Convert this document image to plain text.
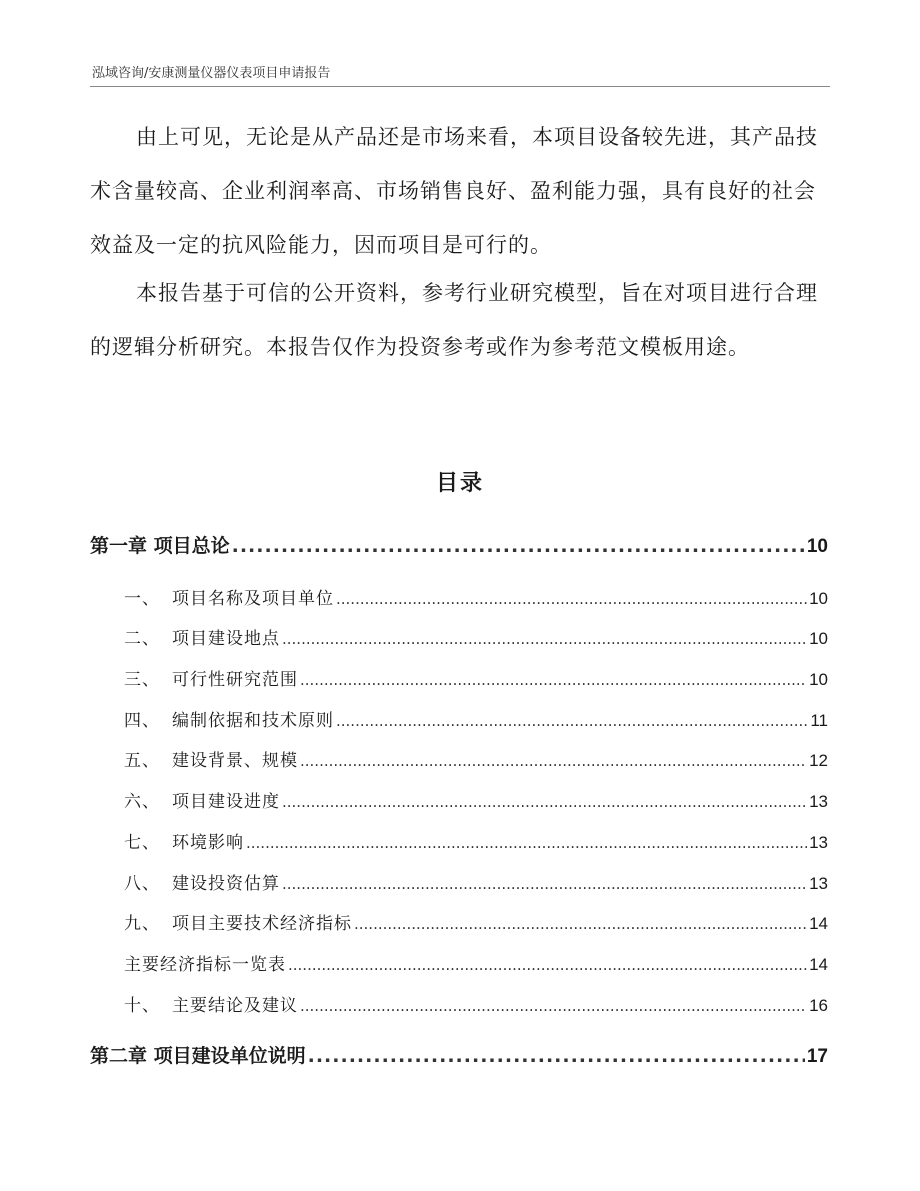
泓域咨询/安康测量仪器仪表项目申请报告

由上可见，无论是从产品还是市场来看，本项目设备较先进，其产品技术含量较高、企业利润率高、市场销售良好、盈利能力强，具有良好的社会效益及一定的抗风险能力，因而项目是可行的。

本报告基于可信的公开资料，参考行业研究模型，旨在对项目进行合理的逻辑分析研究。本报告仅作为投资参考或作为参考范文模板用途。

目录
第一章 项目总论 .....	10
一、 项目名称及项目单位 .....	10
二、 项目建设地点 .....	10
三、 可行性研究范围 .....	10
四、 编制依据和技术原则 .....	11
五、 建设背景、规模 .....	12
六、 项目建设进度 .....	13
七、 环境影响 .....	13
八、 建设投资估算 .....	13
九、 项目主要技术经济指标 .....	14
主要经济指标一览表 .....	14
十、 主要结论及建议 .....	16
第二章 项目建设单位说明 .....	17
